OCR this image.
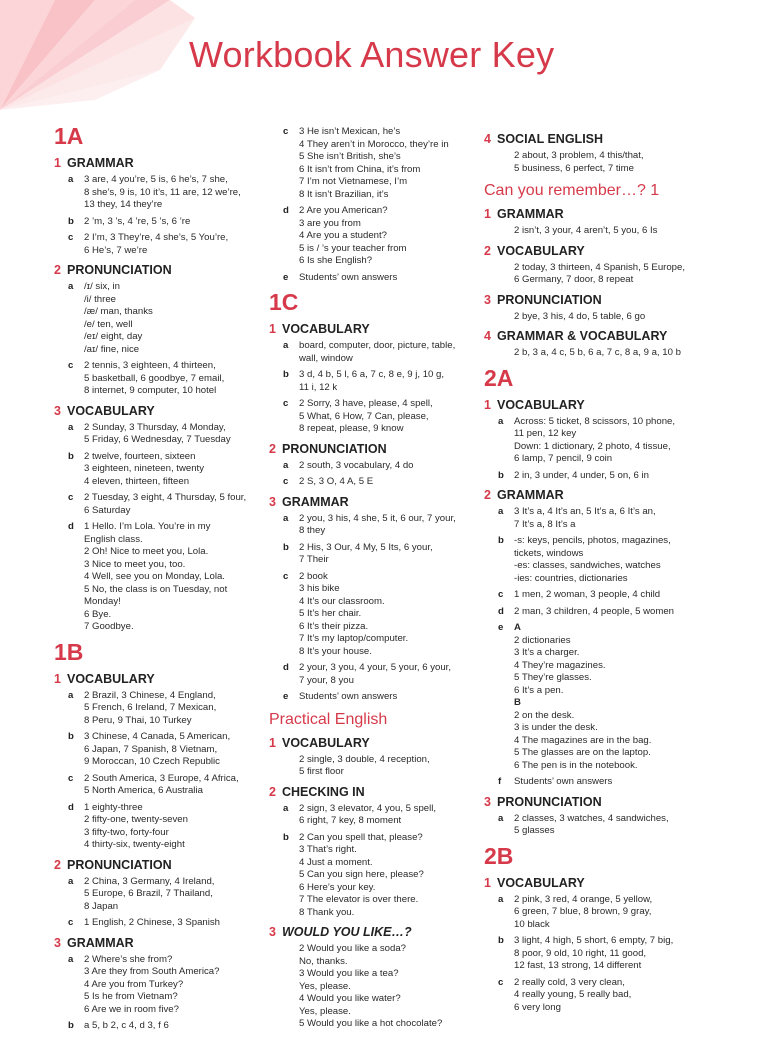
Workbook Answer Key
1A
1 GRAMMAR
a	3 are, 4 you’re, 5 is, 6 he’s, 7 she,
8 she’s, 9 is, 10 it’s, 11 are, 12 we’re,
13 they, 14 they’re
b	2 ’m, 3 ’s, 4 ’re, 5 ’s, 6 ’re
c	2 I’m, 3 They’re, 4 she’s, 5 You’re,
6 He’s, 7 we’re
2 PRONUNCIATION
a	/ɪ/ six, in
/i/ three
/æ/ man, thanks
/e/ ten, well
/eɪ/ eight, day
/aɪ/ fine, nice
c	2 tennis, 3 eighteen, 4 thirteen,
5 basketball, 6 goodbye, 7 email,
8 internet, 9 computer, 10 hotel
3 VOCABULARY
a	2 Sunday, 3 Thursday, 4 Monday,
5 Friday, 6 Wednesday, 7 Tuesday
b	2 twelve, fourteen, sixteen
3 eighteen, nineteen, twenty
4 eleven, thirteen, fifteen
c	2 Tuesday, 3 eight, 4 Thursday, 5 four,
6 Saturday
d	1 Hello. I’m Lola. You’re in my
English class.
2 Oh! Nice to meet you, Lola.
3 Nice to meet you, too.
4 Well, see you on Monday, Lola.
5 No, the class is on Tuesday, not
Monday!
6 Bye.
7 Goodbye.
1B
1 VOCABULARY
a	2 Brazil, 3 Chinese, 4 England,
5 French, 6 Ireland, 7 Mexican,
8 Peru, 9 Thai, 10 Turkey
b	3 Chinese, 4 Canada, 5 American,
6 Japan, 7 Spanish, 8 Vietnam,
9 Moroccan, 10 Czech Republic
c	2 South America, 3 Europe, 4 Africa,
5 North America, 6 Australia
d	1 eighty-three
2 fifty-one, twenty-seven
3 fifty-two, forty-four
4 thirty-six, twenty-eight
2 PRONUNCIATION
a	2 China, 3 Germany, 4 Ireland,
5 Europe, 6 Brazil, 7 Thailand,
8 Japan
c	1 English, 2 Chinese, 3 Spanish
3 GRAMMAR
a	2 Where’s she from?
3 Are they from South America?
4 Are you from Turkey?
5 Is he from Vietnam?
6 Are we in room five?
b	a 5, b 2, c 4, d 3, f 6
c	3 He isn’t Mexican, he’s
4 They aren’t in Morocco, they’re in
5 She isn’t British, she’s
6 It isn’t from China, it’s from
7 I’m not Vietnamese, I’m
8 It isn’t Brazilian, it’s
d	2 Are you American?
3 are you from
4 Are you a student?
5 is / ’s your teacher from
6 Is she English?
e	Students’ own answers
1C
1 VOCABULARY
a	board, computer, door, picture, table,
wall, window
b	3 d, 4 b, 5 l, 6 a, 7 c, 8 e, 9 j, 10 g,
11 i, 12 k
c	2 Sorry, 3 have, please, 4 spell,
5 What, 6 How, 7 Can, please,
8 repeat, please, 9 know
2 PRONUNCIATION
a	2 south, 3 vocabulary, 4 do
c	2 S, 3 O, 4 A, 5 E
3 GRAMMAR
a	2 you, 3 his, 4 she, 5 it, 6 our, 7 your,
8 they
b	2 His, 3 Our, 4 My, 5 Its, 6 your,
7 Their
c	2 book
3 his bike
4 It’s our classroom.
5 It’s her chair.
6 It’s their pizza.
7 It’s my laptop/computer.
8 It’s your house.
d	2 your, 3 you, 4 your, 5 your, 6 your,
7 your, 8 you
e	Students’ own answers
Practical English
1 VOCABULARY
2 single, 3 double, 4 reception,
5 first floor
2 CHECKING IN
a	2 sign, 3 elevator, 4 you, 5 spell,
6 right, 7 key, 8 moment
b	2 Can you spell that, please?
3 That’s right.
4 Just a moment.
5 Can you sign here, please?
6 Here’s your key.
7 The elevator is over there.
8 Thank you.
3 WOULD YOU LIKE…?
2 Would you like a soda?
No, thanks.
3 Would you like a tea?
Yes, please.
4 Would you like water?
Yes, please.
5 Would you like a hot chocolate?
4 SOCIAL ENGLISH
2 about, 3 problem, 4 this/that,
5 business, 6 perfect, 7 time
Can you remember…? 1
1 GRAMMAR
2 isn’t, 3 your, 4 aren’t, 5 you, 6 Is
2 VOCABULARY
2 today, 3 thirteen, 4 Spanish, 5 Europe,
6 Germany, 7 door, 8 repeat
3 PRONUNCIATION
2 bye, 3 his, 4 do, 5 table, 6 go
4 GRAMMAR & VOCABULARY
2 b, 3 a, 4 c, 5 b, 6 a, 7 c, 8 a, 9 a, 10 b
2A
1 VOCABULARY
a	Across: 5 ticket, 8 scissors, 10 phone,
11 pen, 12 key
Down: 1 dictionary, 2 photo, 4 tissue,
6 lamp, 7 pencil, 9 coin
b	2 in, 3 under, 4 under, 5 on, 6 in
2 GRAMMAR
a	3 It’s a, 4 It’s an, 5 It’s a, 6 It’s an,
7 It’s a, 8 It’s a
b	-s: keys, pencils, photos, magazines,
tickets, windows
-es: classes, sandwiches, watches
-ies: countries, dictionaries
c	1 men, 2 woman, 3 people, 4 child
d	2 man, 3 children, 4 people, 5 women
e	A
2 dictionaries
3 It’s a charger.
4 They’re magazines.
5 They’re glasses.
6 It’s a pen.
B
2 on the desk.
3 is under the desk.
4 The magazines are in the bag.
5 The glasses are on the laptop.
6 The pen is in the notebook.
f	Students’ own answers
3 PRONUNCIATION
a	2 classes, 3 watches, 4 sandwiches,
5 glasses
2B
1 VOCABULARY
a	2 pink, 3 red, 4 orange, 5 yellow,
6 green, 7 blue, 8 brown, 9 gray,
10 black
b	3 light, 4 high, 5 short, 6 empty, 7 big,
8 poor, 9 old, 10 right, 11 good,
12 fast, 13 strong, 14 different
c	2 really cold, 3 very clean,
4 really young, 5 really bad,
6 very long
